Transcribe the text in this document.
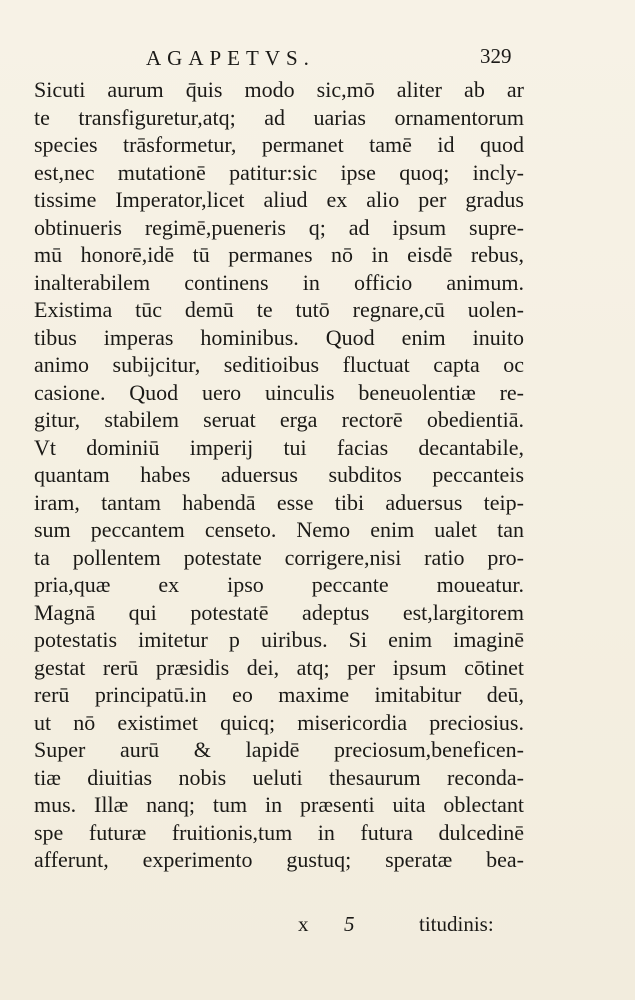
AGAPETVS.	329
Sicuti aurum q̄uis modo sic,mō aliter ab ar
te transfiguretur,atq; ad uarias ornamentorum
species trāsformetur, permanet tamē id quod
est,nec mutationē patitur:sic ipse quoq; incly-
tissime Imperator,licet aliud ex alio per gradus
obtinueris regimē,pueneris q; ad ipsum supre-
mū honorē,idē tū permanes nō in eisdē rebus,
inalterabilem continens in officio animum.
Existima tūc demū te tutō regnare,cū uolen-
tibus imperas hominibus. Quod enim inuito
animo subijcitur, seditioibus fluctuat capta oc
casione. Quod uero uinculis beneuolentiæ re-
gitur, stabilem seruat erga rectorē obedientiā.
Vt dominiū imperij tui facias decantabile,
quantam habes aduersus subditos peccanteis
iram, tantam habendā esse tibi aduersus teip-
sum peccantem censeto. Nemo enim ualet tan
ta pollentem potestate corrigere,nisi ratio pro-
pria,quæ ex ipso peccante moueatur.
Magnā qui potestatē adeptus est,largitorem
potestatis imitetur p uiribus. Si enim imaginē
gestat rerū præsidis dei, atq; per ipsum cōtinet
rerū principatū.in eo maxime imitabitur deū,
ut nō existimet quicq; misericordia preciosius.
Super aurū & lapidē preciosum,beneficen-
tiæ diuitias nobis ueluti thesaurum reconda-
mus. Illæ nanq; tum in præsenti uita oblectant
spe futuræ fruitionis,tum in futura dulcedinē
afferunt, experimento gustuq; speratæ bea-
x 5	titudinis:
